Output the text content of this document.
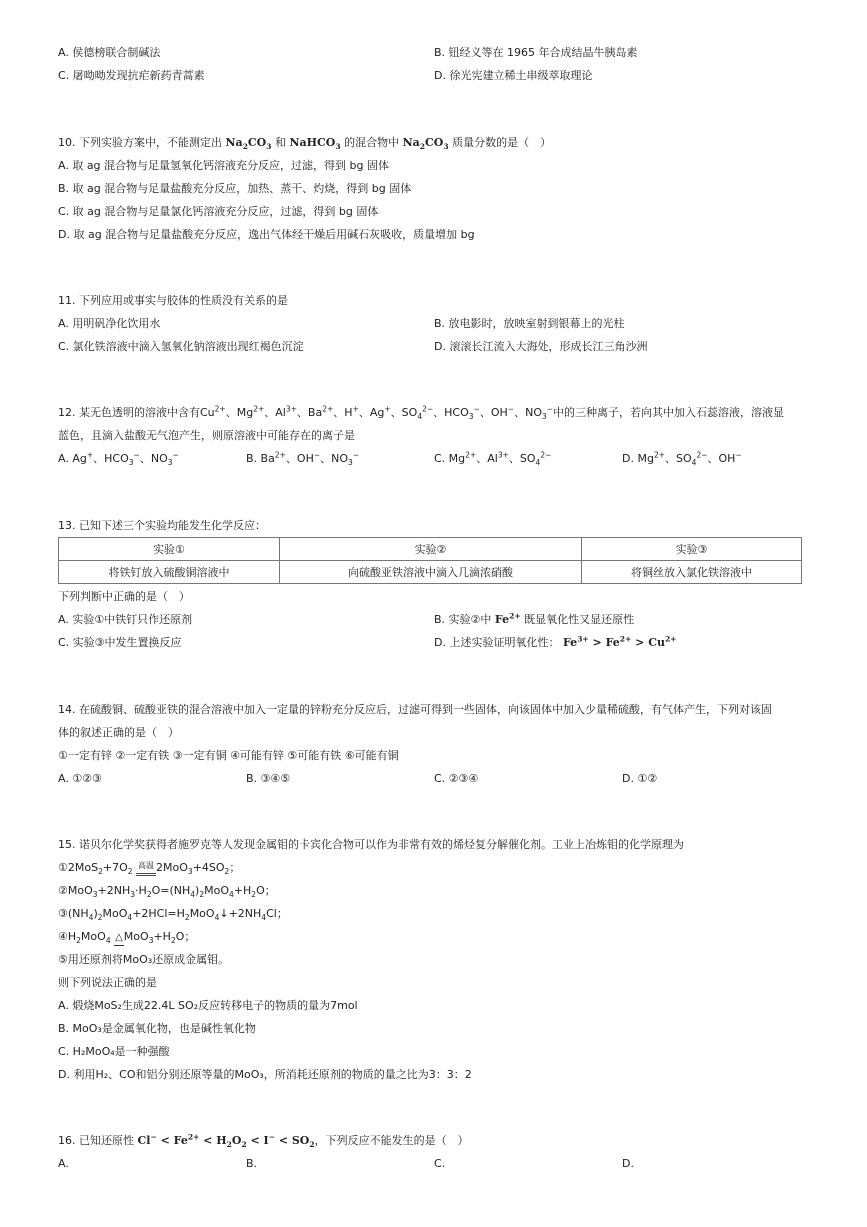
A. 侯德榜联合制碱法	B. 钮经义等在 1965 年合成结晶牛胰岛素
C. 屠呦呦发现抗疟新药青蒿素	D. 徐光宪建立稀土串级萃取理论
10. 下列实验方案中，不能测定出 $Na_2CO_3$ 和 NaHCO$_3$ 的混合物中 $Na_2CO_3$ 质量分数的是（　）
A. 取 ag 混合物与足量氢氧化钙溶液充分反应，过滤，得到 bg 固体
B. 取 ag 混合物与足量盐酸充分反应，加热、蒸干、灼烧，得到 bg 固体
C. 取 ag 混合物与足量氯化钙溶液充分反应，过滤，得到 bg 固体
D. 取 ag 混合物与足量盐酸充分反应，逸出气体经干燥后用碱石灰吸收，质量增加 bg
11. 下列应用或事实与胶体的性质没有关系的是
A. 用明矾净化饮用水	B. 放电影时，放映室射到银幕上的光柱
C. 氯化铁溶液中滴入氢氧化钠溶液出现红褐色沉淀	D. 滚滚长江流入大海处，形成长江三角沙洲
12. 某无色透明的溶液中含有$Cu^{2+}$、$Mg^{2+}$、$Al^{3+}$、$Ba^{2+}$、H+、Ag+、$SO_4^{2-}$、$HCO_3^-$、OH−、$NO_3^-$中的三种离子，若向其中加入石蕊溶液，溶液显
蓝色，且滴入盐酸无气泡产生，则原溶液中可能存在的离子是
A. Ag+、$HCO_3^-$、$NO_3^-$	B. $Ba^{2+}$、OH−、$NO_3^-$	C. $Mg^{2+}$、$Al^{3+}$、$SO_4^{2-}$	D. $Mg^{2+}$、$SO_4^{2-}$、OH−
13. 已知下述三个实验均能发生化学反应：
实验①	实验②	实验③
将铁钉放入硫酸铜溶液中	向硫酸亚铁溶液中滴入几滴浓硝酸	将铜丝放入氯化铁溶液中
下列判断中正确的是（　）
A. 实验①中铁钉只作还原剂	B. 实验②中 $Fe^{2+}$ 既显氧化性又显还原性
C. 实验③中发生置换反应	D. 上述实验证明氧化性： $Fe^{3+} > Fe^{2+} > Cu^{2+}$
14. 在硫酸铜、硫酸亚铁的混合溶液中加入一定量的锌粉充分反应后，过滤可得到一些固体，向该固体中加入少量稀硫酸，有气体产生，下列对该固
体的叙述正确的是（　）
①一定有锌 ②一定有铁 ③一定有铜 ④可能有锌 ⑤可能有铁 ⑥可能有铜
A. ①②③	B. ③④⑤	C. ②③④	D. ①②
15. 诺贝尔化学奖获得者施罗克等人发现金属钼的卡宾化合物可以作为非常有效的烯烃复分解催化剂。工业上冶炼钼的化学原理为
$①2MoS_2+7O_2$ 高温 $2MoO_3+4SO_2$；
$②MoO_3+2NH_3\cdot H_2O=(NH_4)_2MoO_4+H_2O$；
$③(NH_4)_2MoO_4+2HCl=H_2MoO_4↓+2NH_4Cl$；
$④H_2MoO_4$ $\triangle MoO_3+H_2O$；
⑤用还原剂将MoO₃还原成金属钼。
则下列说法正确的是
A. 煅烧MoS₂生成22.4L SO₂反应转移电子的物质的量为7mol
B. MoO₃是金属氧化物，也是碱性氧化物
C. H₂MoO₄是一种强酸
D. 利用H₂、CO和铝分别还原等量的MoO₃，所消耗还原剂的物质的量之比为3：3：2
16. 已知还原性 $Cl^- < Fe^{2+} < H_2O_2 < I^- < SO_2$，下列反应不能发生的是（　）
A.	B.	C.	D.
